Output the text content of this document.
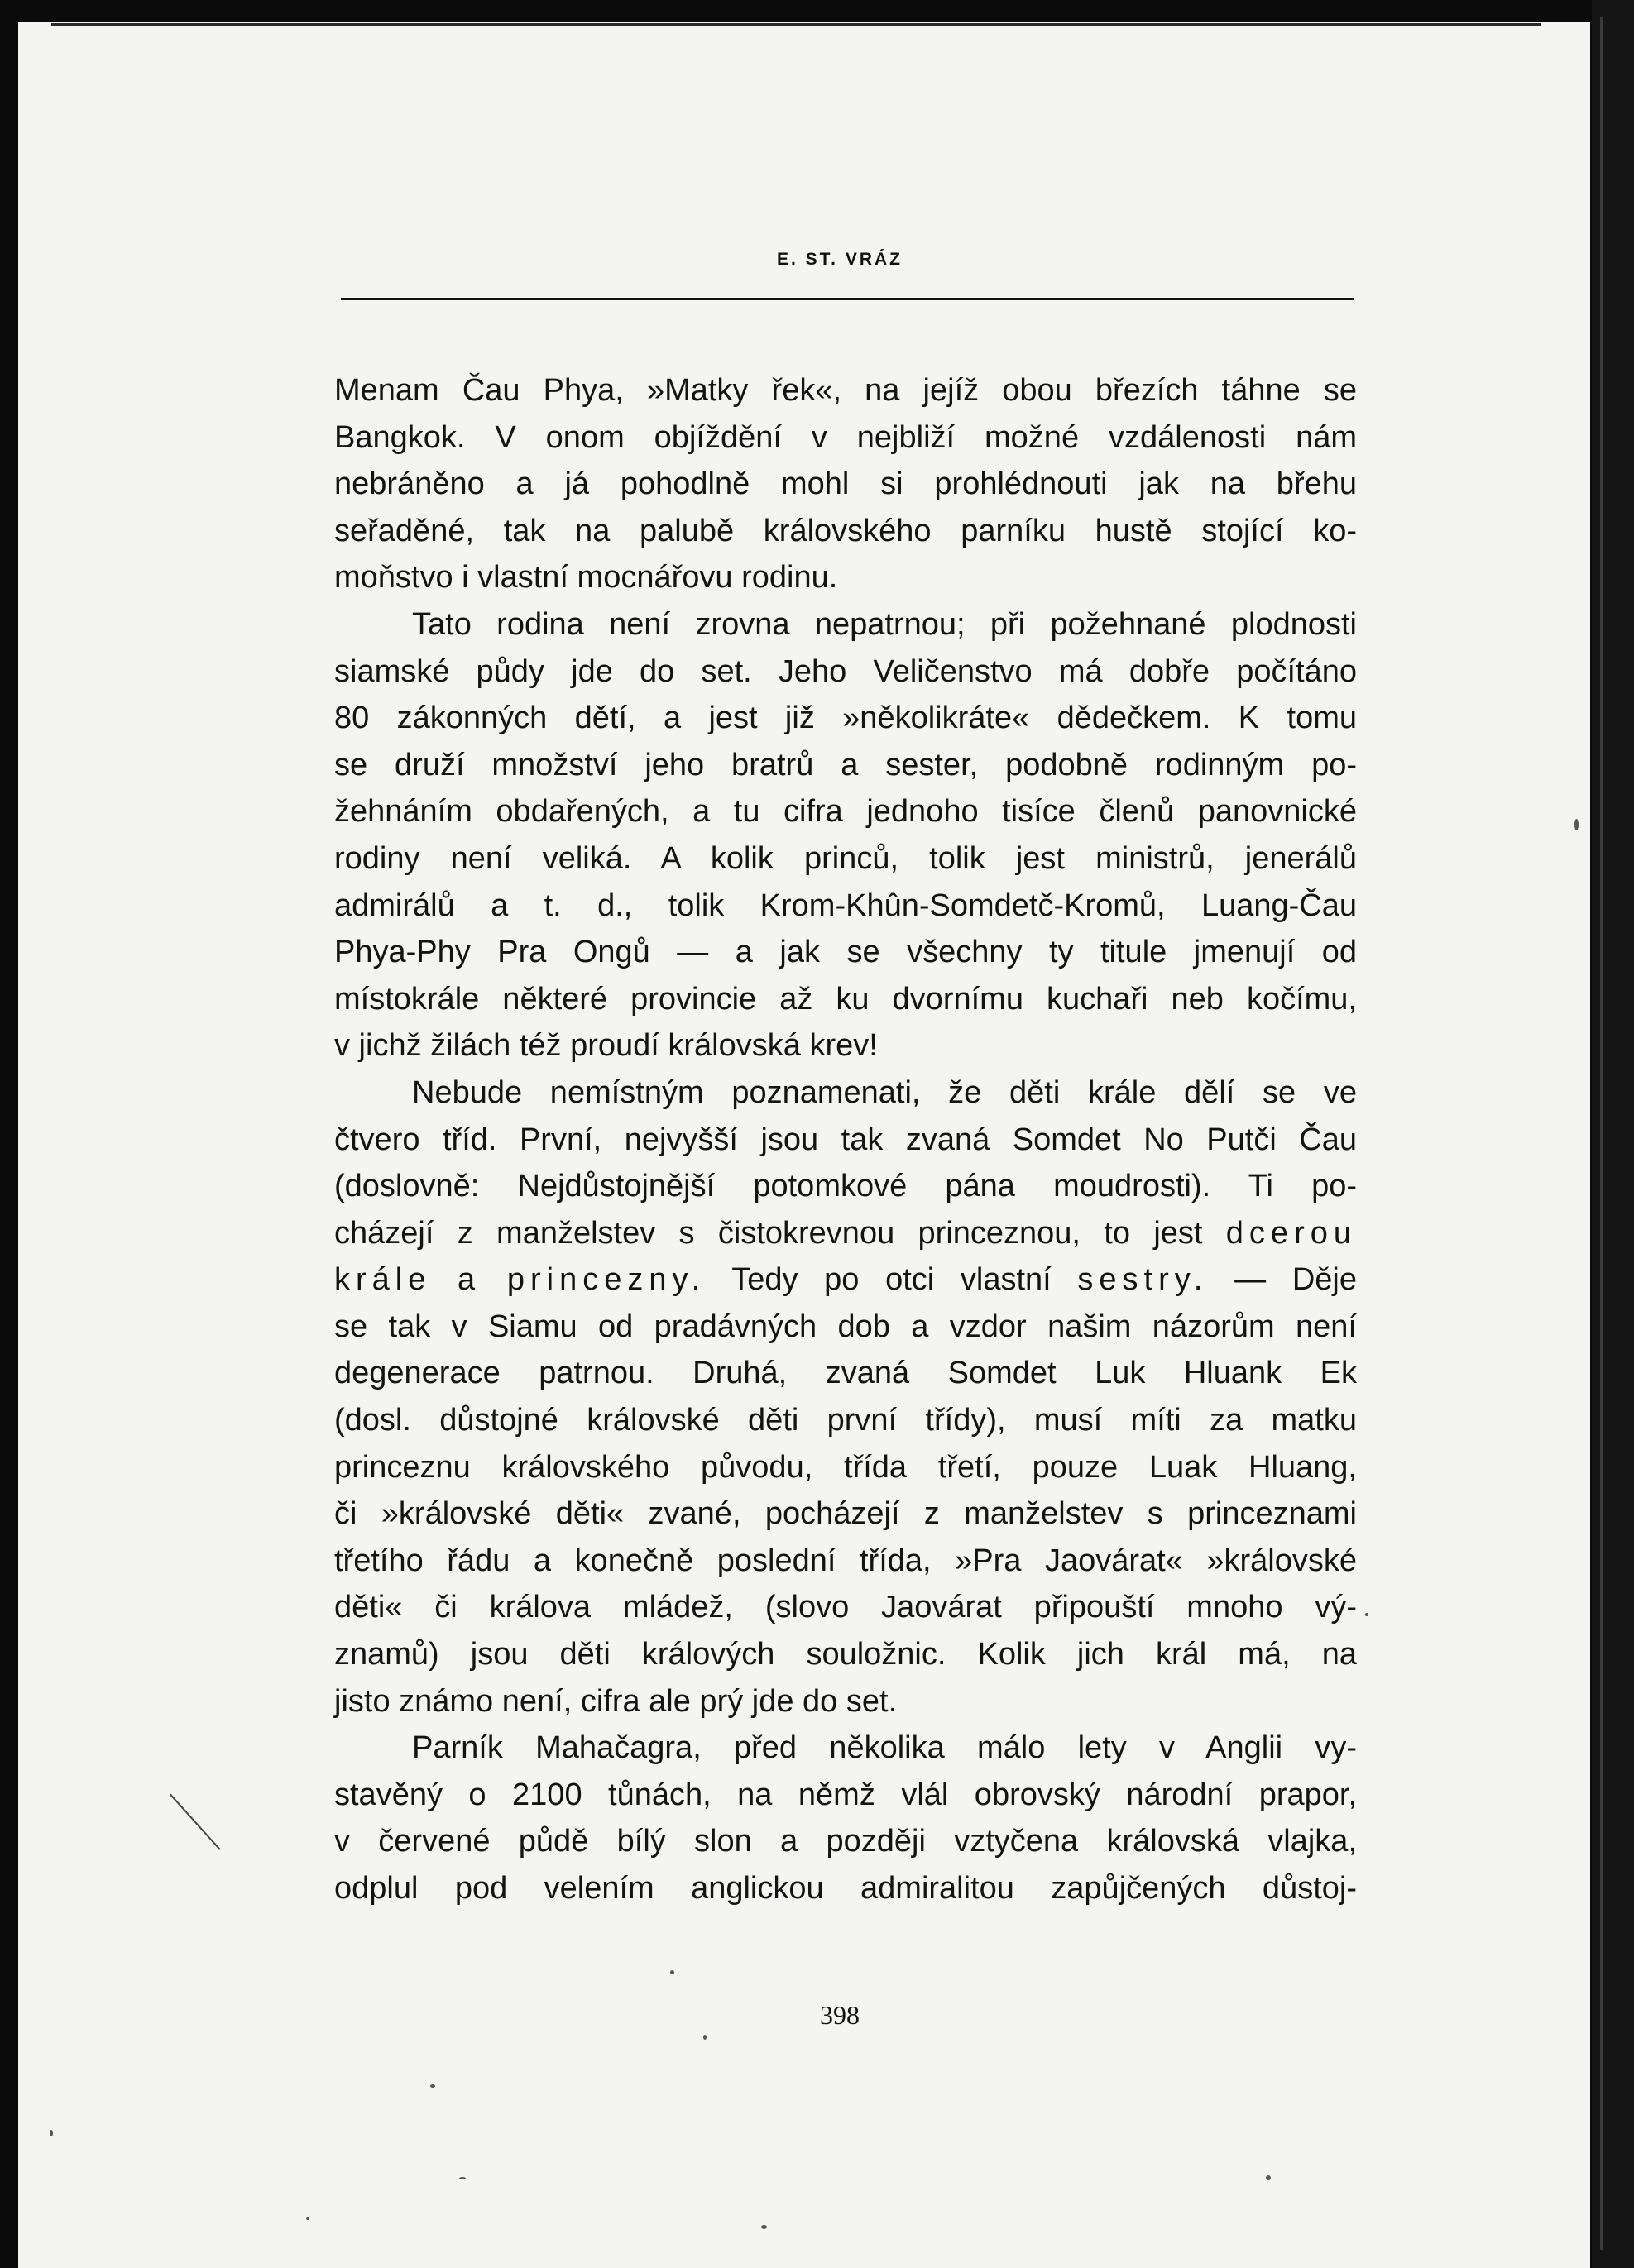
E. ST. VRÁZ
Menam Čau Phya, »Matky řek«, na jejíž obou březích táhne se
Bangkok. V onom objíždění v nejbliží možné vzdálenosti nám
nebráněno a já pohodlně mohl si prohlédnouti jak na břehu
seřaděné, tak na palubě královského parníku hustě stojící ko-
moňstvo i vlastní mocnářovu rodinu.
Tato rodina není zrovna nepatrnou; při požehnané plodnosti
siamské půdy jde do set. Jeho Veličenstvo má dobře počítáno
80 zákonných dětí, a jest již »několikráte« dědečkem. K tomu
se druží množství jeho bratrů a sester, podobně rodinným po-
žehnáním obdařených, a tu cifra jednoho tisíce členů panovnické
rodiny není veliká. A kolik princů, tolik jest ministrů, jenerálů
admirálů a t. d., tolik Krom-Khûn-Somdetč-Kromů, Luang-Čau
Phya-Phy Pra Ongů — a jak se všechny ty titule jmenují od
místokrále některé provincie až ku dvornímu kuchaři neb kočímu,
v jichž žilách též proudí královská krev!
Nebude nemístným poznamenati, že děti krále dělí se ve
čtvero tříd. První, nejvyšší jsou tak zvaná Somdet No Putči Čau
(doslovně: Nejdůstojnější potomkové pána moudrosti). Ti po-
cházejí z manželstev s čistokrevnou princeznou, to jest dcerou
krále a princezny. Tedy po otci vlastní sestry. — Děje
se tak v Siamu od pradávných dob a vzdor našim názorům není
degenerace patrnou. Druhá, zvaná Somdet Luk Hluank Ek
(dosl. důstojné královské děti první třídy), musí míti za matku
princeznu královského původu, třída třetí, pouze Luak Hluang,
či »královské děti« zvané, pocházejí z manželstev s princeznami
třetího řádu a konečně poslední třída, »Pra Jaovárat« »královské
děti« či králova mládež, (slovo Jaovárat připouští mnoho vý-
znamů) jsou děti králových souložnic. Kolik jich král má, na
jisto známo není, cifra ale prý jde do set.
Parník Mahačagra, před několika málo lety v Anglii vy-
stavěný o 2100 tůnách, na němž vlál obrovský národní prapor,
v červené půdě bílý slon a později vztyčena královská vlajka,
odplul pod velením anglickou admiralitou zapůjčených důstoj-
398
